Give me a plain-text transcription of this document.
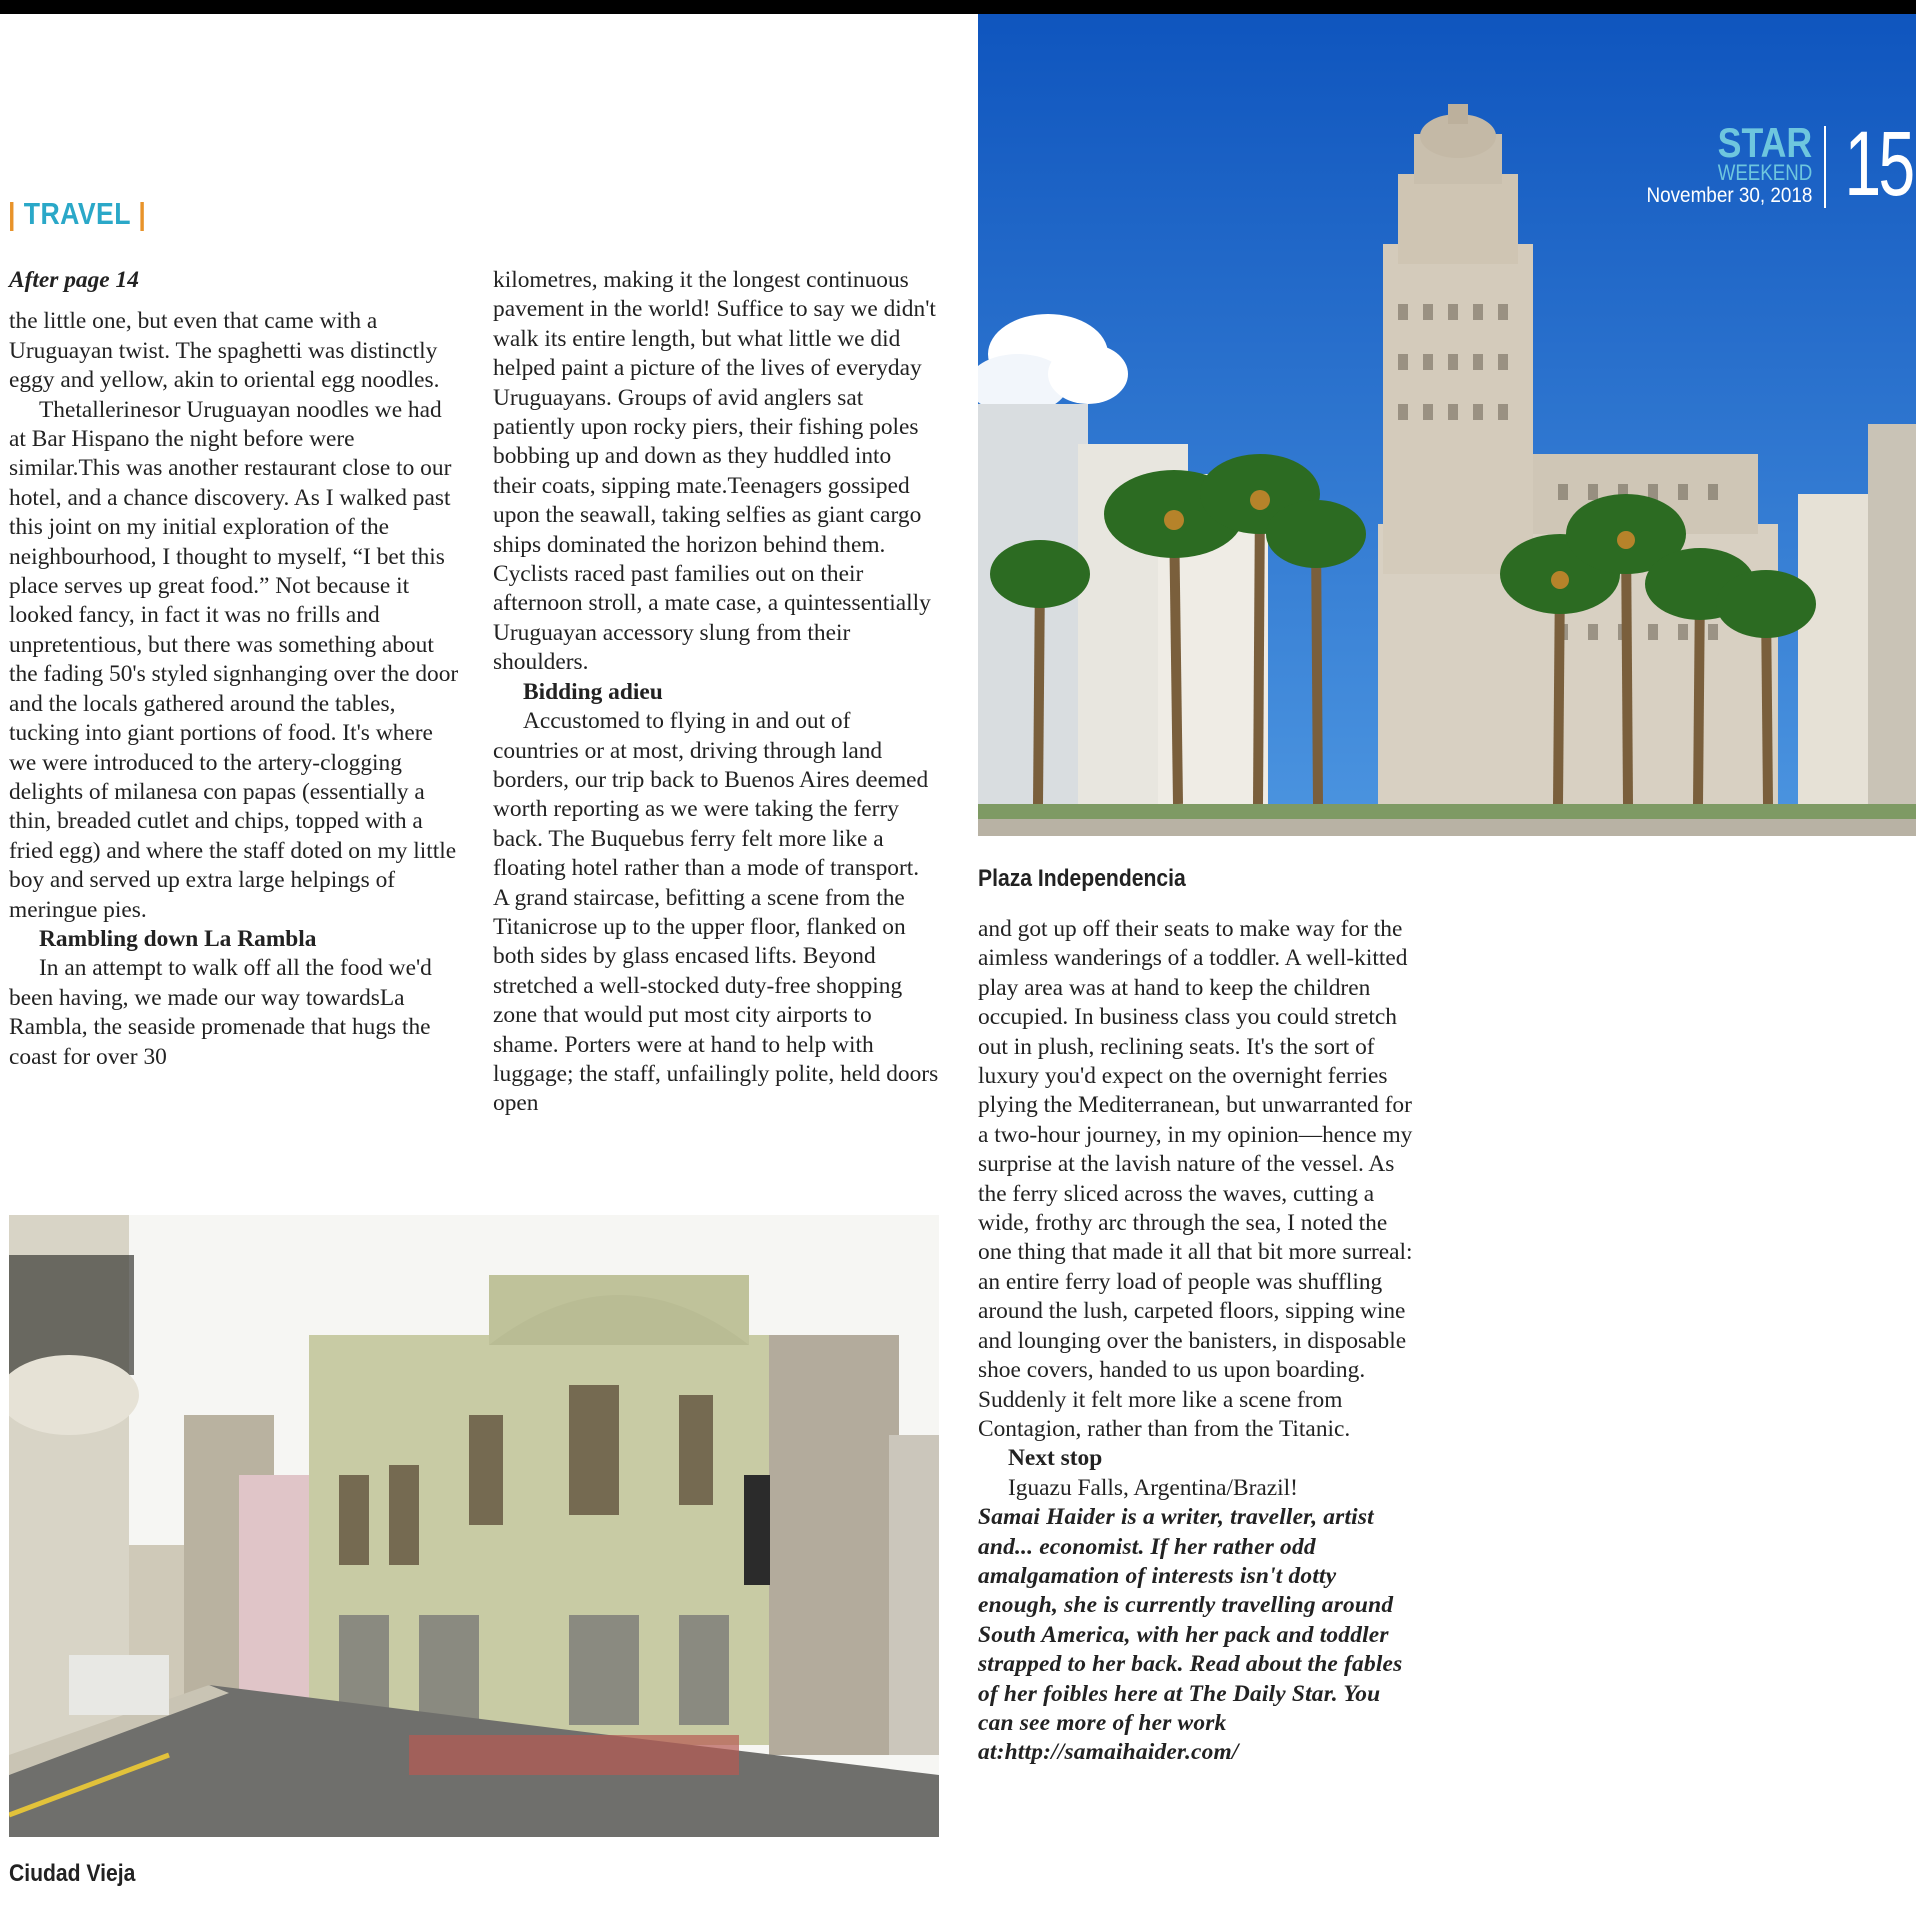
| TRAVEL |

After page 14

the little one, but even that came with a Uruguayan twist. The spaghetti was distinctly eggy and yellow, akin to oriental egg noodles.

Thetallerinesor Uruguayan noodles we had at Bar Hispano the night before were similar.This was another restaurant close to our hotel, and a chance discovery. As I walked past this joint on my initial exploration of the neighbourhood, I thought to myself, “I bet this place serves up great food.” Not because it looked fancy, in fact it was no frills and unpretentious, but there was something about the fading 50's styled signhanging over the door and the locals gathered around the tables, tucking into giant portions of food. It's where we were introduced to the artery-clogging delights of milanesa con papas (essentially a thin, breaded cutlet and chips, topped with a fried egg) and where the staff doted on my little boy and served up extra large helpings of meringue pies.

Rambling down La Rambla

In an attempt to walk off all the food we'd been having, we made our way towardsLa Rambla, the seaside promenade that hugs the coast for over 30

kilometres, making it the longest continuous pavement in the world! Suffice to say we didn't walk its entire length, but what little we did helped paint a picture of the lives of everyday Uruguayans. Groups of avid anglers sat patiently upon rocky piers, their fishing poles bobbing up and down as they huddled into their coats, sipping mate.Teenagers gossiped upon the seawall, taking selfies as giant cargo ships dominated the horizon behind them. Cyclists raced past families out on their afternoon stroll, a mate case, a quintessentially Uruguayan accessory slung from their shoulders.

Bidding adieu

Accustomed to flying in and out of countries or at most, driving through land borders, our trip back to Buenos Aires deemed worth reporting as we were taking the ferry back. The Buquebus ferry felt more like a floating hotel rather than a mode of transport. A grand staircase, befitting a scene from the Titanicrose up to the upper floor, flanked on both sides by glass encased lifts. Beyond stretched a well-stocked duty-free shopping zone that would put most city airports to shame. Porters were at hand to help with luggage; the staff, unfailingly polite, held doors open

STAR
WEEKEND
November 30, 2018 15
Plaza Independencia

and got up off their seats to make way for the aimless wanderings of a toddler. A well-kitted play area was at hand to keep the children occupied. In business class you could stretch out in plush, reclining seats. It's the sort of luxury you'd expect on the overnight ferries plying the Mediterranean, but unwarranted for a two-hour journey, in my opinion—hence my surprise at the lavish nature of the vessel. As the ferry sliced across the waves, cutting a wide, frothy arc through the sea, I noted the one thing that made it all that bit more surreal: an entire ferry load of people was shuffling around the lush, carpeted floors, sipping wine and lounging over the banisters, in disposable shoe covers, handed to us upon boarding. Suddenly it felt more like a scene from Contagion, rather than from the Titanic.

Next stop

Iguazu Falls, Argentina/Brazil!

Samai Haider is a writer, traveller, artist and... economist. If her rather odd amalgamation of interests isn't dotty enough, she is currently travelling around South America, with her pack and toddler strapped to her back. Read about the fables of her foibles here at The Daily Star. You can see more of her work at:http://samaihaider.com/

Ciudad Vieja
